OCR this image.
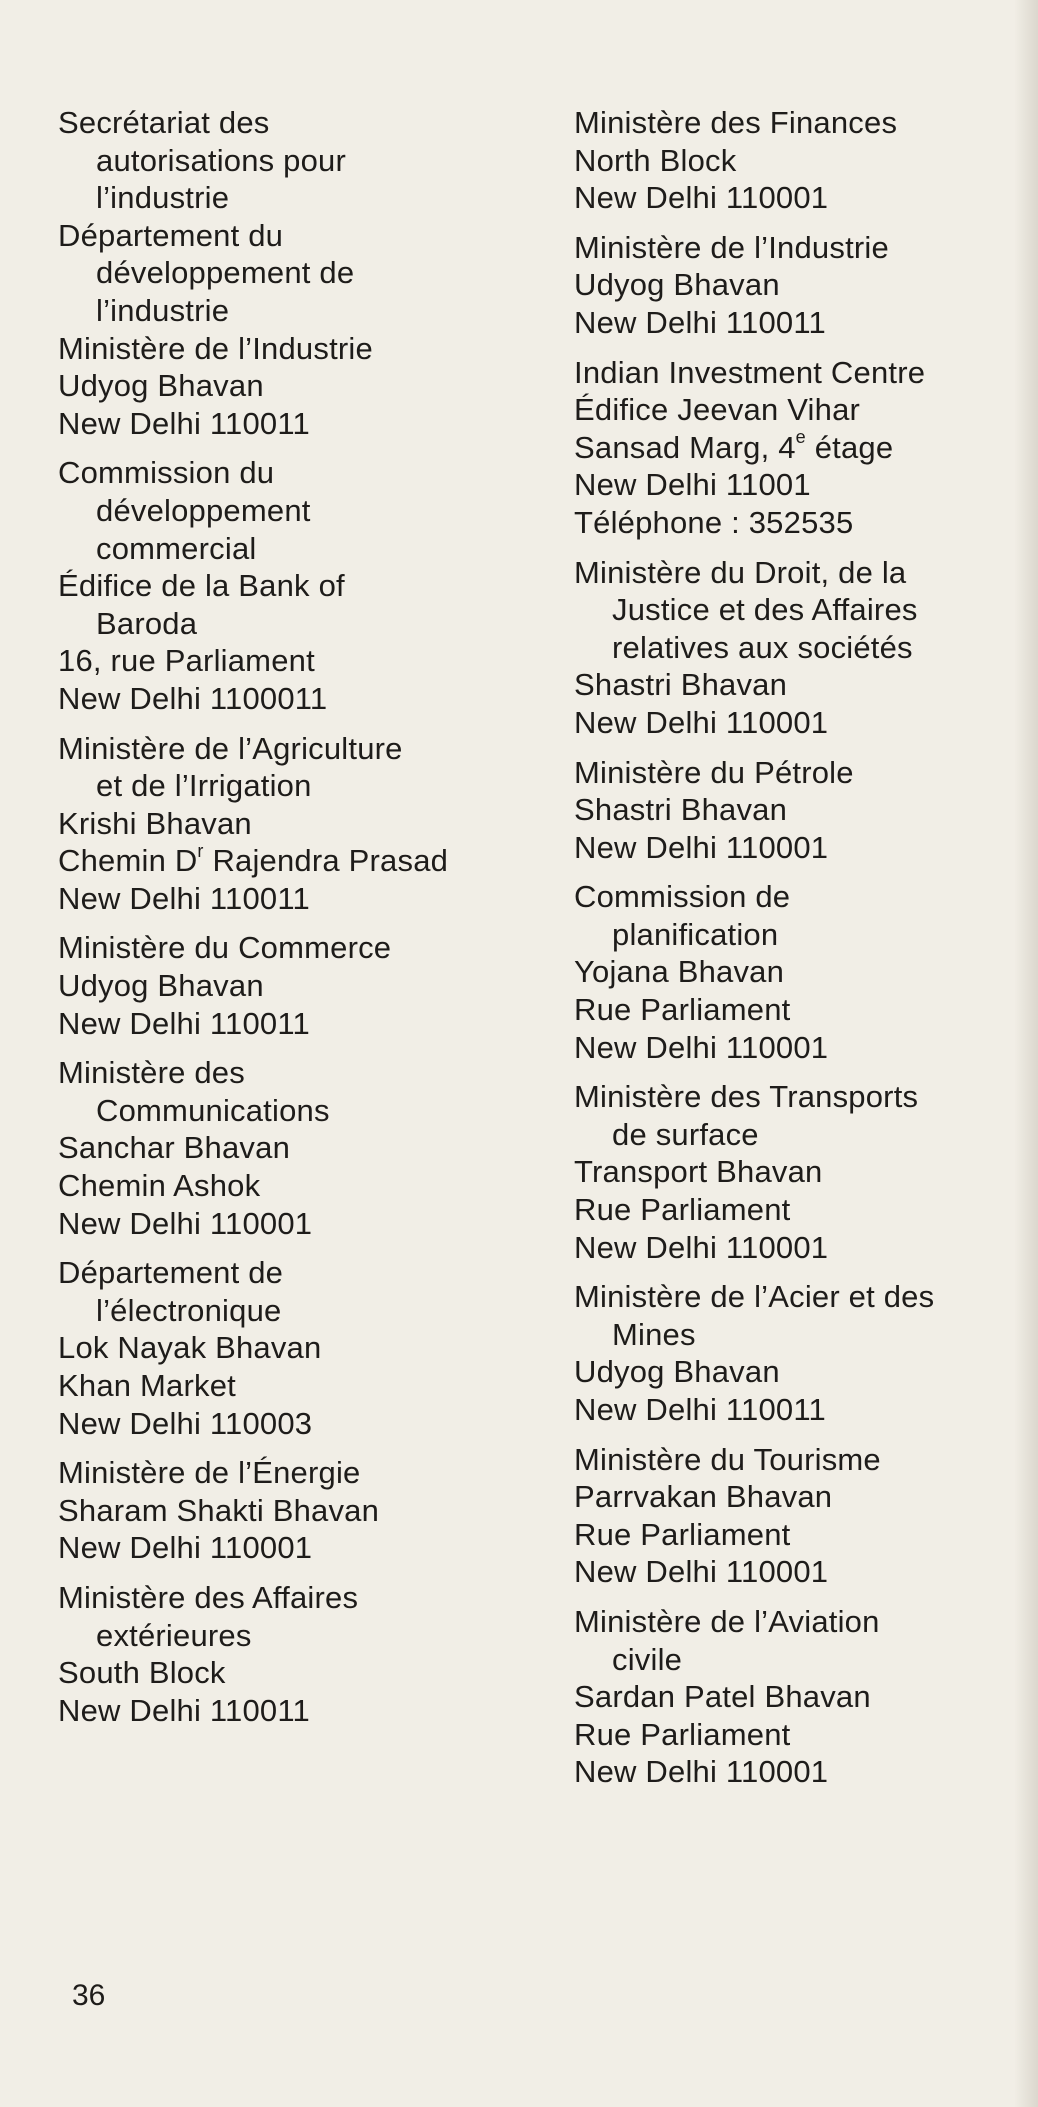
Secrétariat des
autorisations pour
l’industrie
Département du
développement de
l’industrie
Ministère de l’Industrie
Udyog Bhavan
New Delhi 110011
Commission du
développement
commercial
Édifice de la Bank of
Baroda
16, rue Parliament
New Delhi 1100011
Ministère de l’Agriculture
et de l’Irrigation
Krishi Bhavan
Chemin $D^r$ Rajendra Prasad
New Delhi 110011
Ministère du Commerce
Udyog Bhavan
New Delhi 110011
Ministère des
Communications
Sanchar Bhavan
Chemin Ashok
New Delhi 110001
Département de
l’électronique
Lok Nayak Bhavan
Khan Market
New Delhi 110003
Ministère de l’Énergie
Sharam Shakti Bhavan
New Delhi 110001
Ministère des Affaires
extérieures
South Block
New Delhi 110011
Ministère des Finances
North Block
New Delhi 110001
Ministère de l’Industrie
Udyog Bhavan
New Delhi 110011
Indian Investment Centre
Édifice Jeevan Vihar
Sansad Marg, 4e étage
New Delhi 11001
Téléphone : 352535
Ministère du Droit, de la
Justice et des Affaires
relatives aux sociétés
Shastri Bhavan
New Delhi 110001
Ministère du Pétrole
Shastri Bhavan
New Delhi 110001
Commission de
planification
Yojana Bhavan
Rue Parliament
New Delhi 110001
Ministère des Transports
de surface
Transport Bhavan
Rue Parliament
New Delhi 110001
Ministère de l’Acier et des
Mines
Udyog Bhavan
New Delhi 110011
Ministère du Tourisme
Parrvakan Bhavan
Rue Parliament
New Delhi 110001
Ministère de l’Aviation
civile
Sardan Patel Bhavan
Rue Parliament
New Delhi 110001
36
